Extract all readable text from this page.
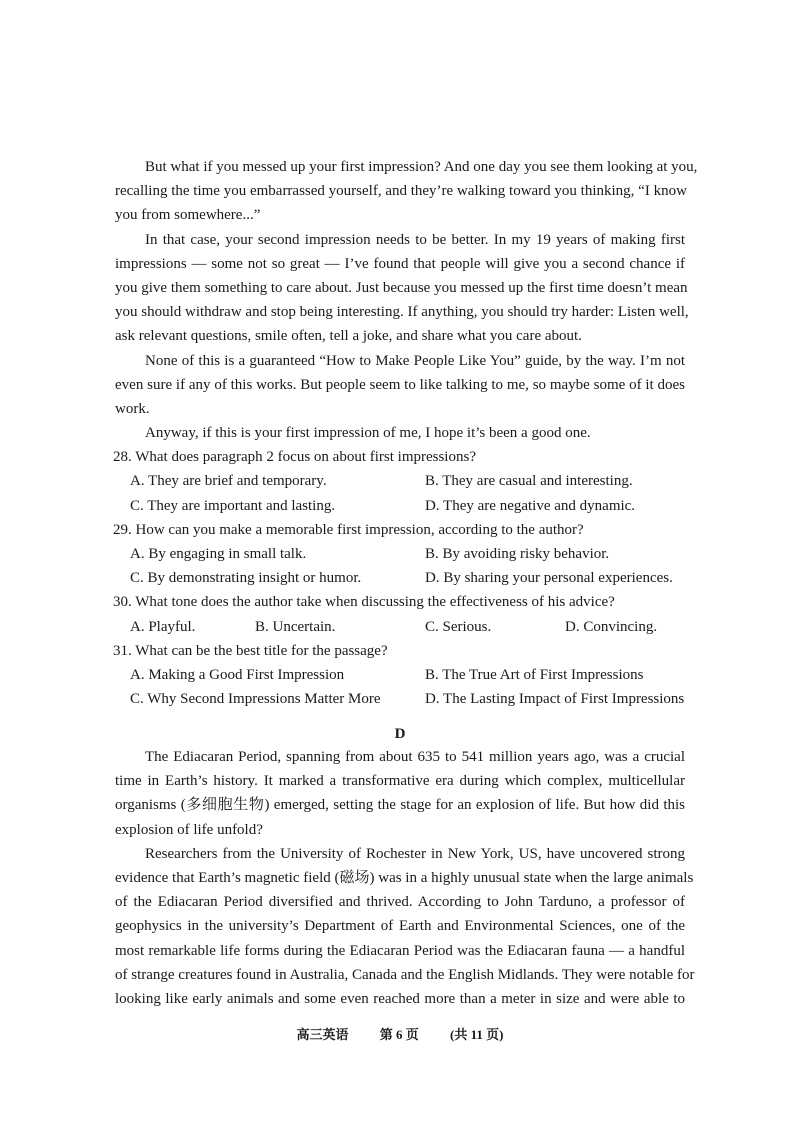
But what if you messed up your first impression? And one day you see them looking at you,
recalling the time you embarrassed yourself, and they’re walking toward you thinking, “I know
you from somewhere...”
In that case, your second impression needs to be better. In my 19 years of making first
impressions — some not so great — I’ve found that people will give you a second chance if
you give them something to care about. Just because you messed up the first time doesn’t mean
you should withdraw and stop being interesting. If anything, you should try harder: Listen well,
ask relevant questions, smile often, tell a joke, and share what you care about.
None of this is a guaranteed “How to Make People Like You” guide, by the way. I’m not
even sure if any of this works. But people seem to like talking to me, so maybe some of it does
work.
Anyway, if this is your first impression of me, I hope it’s been a good one.
28. What does paragraph 2 focus on about first impressions?
A. They are brief and temporary.	B. They are casual and interesting.
C. They are important and lasting.	D. They are negative and dynamic.
29. How can you make a memorable first impression, according to the author?
A. By engaging in small talk.	B. By avoiding risky behavior.
C. By demonstrating insight or humor.	D. By sharing your personal experiences.
30. What tone does the author take when discussing the effectiveness of his advice?
A. Playful.	B. Uncertain.	C. Serious.	D. Convincing.
31. What can be the best title for the passage?
A. Making a Good First Impression	B. The True Art of First Impressions
C. Why Second Impressions Matter More	D. The Lasting Impact of First Impressions
D
The Ediacaran Period, spanning from about 635 to 541 million years ago, was a crucial
time in Earth’s history. It marked a transformative era during which complex, multicellular
organisms (多细胞生物) emerged, setting the stage for an explosion of life. But how did this
explosion of life unfold?
Researchers from the University of Rochester in New York, US, have uncovered strong
evidence that Earth’s magnetic field (磁场) was in a highly unusual state when the large animals
of the Ediacaran Period diversified and thrived. According to John Tarduno, a professor of
geophysics in the university’s Department of Earth and Environmental Sciences, one of the
most remarkable life forms during the Ediacaran Period was the Ediacaran fauna — a handful
of strange creatures found in Australia, Canada and the English Midlands. They were notable for
looking like early animals and some even reached more than a meter in size and were able to
高三英语 第 6 页 (共 11 页)
